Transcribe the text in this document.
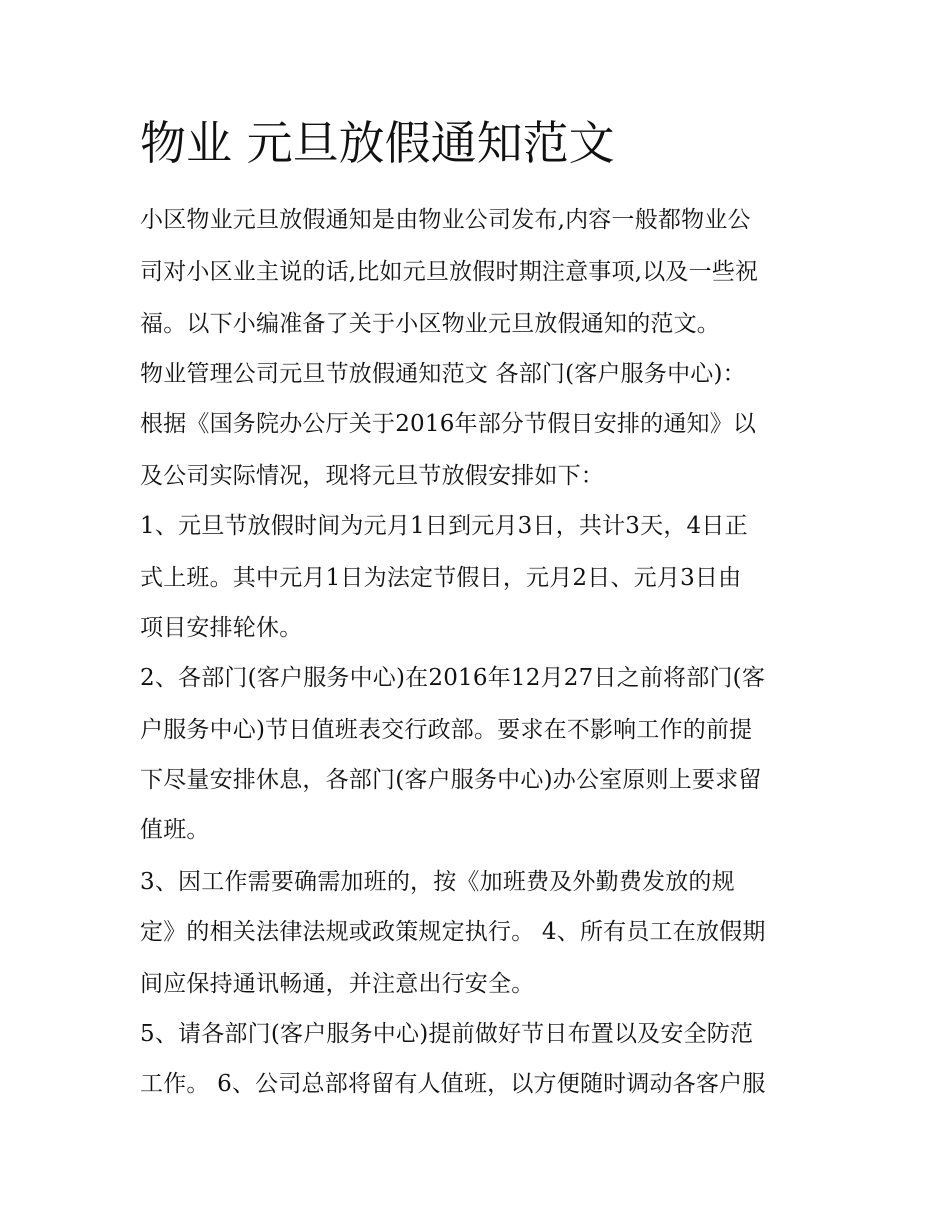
物业 元旦放假通知范文
小区物业元旦放假通知是由物业公司发布,内容一般都物业公
司对小区业主说的话,比如元旦放假时期注意事项,以及一些祝
福。以下小编准备了关于小区物业元旦放假通知的范文。
物业管理公司元旦节放假通知范文 各部门(客户服务中心)：
根据《国务院办公厅关于2016年部分节假日安排的通知》以
及公司实际情况，现将元旦节放假安排如下：
1、元旦节放假时间为元月1日到元月3日，共计3天，4日正
式上班。其中元月1日为法定节假日，元月2日、元月3日由
项目安排轮休。
2、各部门(客户服务中心)在2016年12月27日之前将部门(客
户服务中心)节日值班表交行政部。要求在不影响工作的前提
下尽量安排休息，各部门(客户服务中心)办公室原则上要求留
值班。
3、因工作需要确需加班的，按《加班费及外勤费发放的规
定》的相关法律法规或政策规定执行。 4、所有员工在放假期
间应保持通讯畅通，并注意出行安全。
5、请各部门(客户服务中心)提前做好节日布置以及安全防范
工作。 6、公司总部将留有人值班，以方便随时调动各客户服
